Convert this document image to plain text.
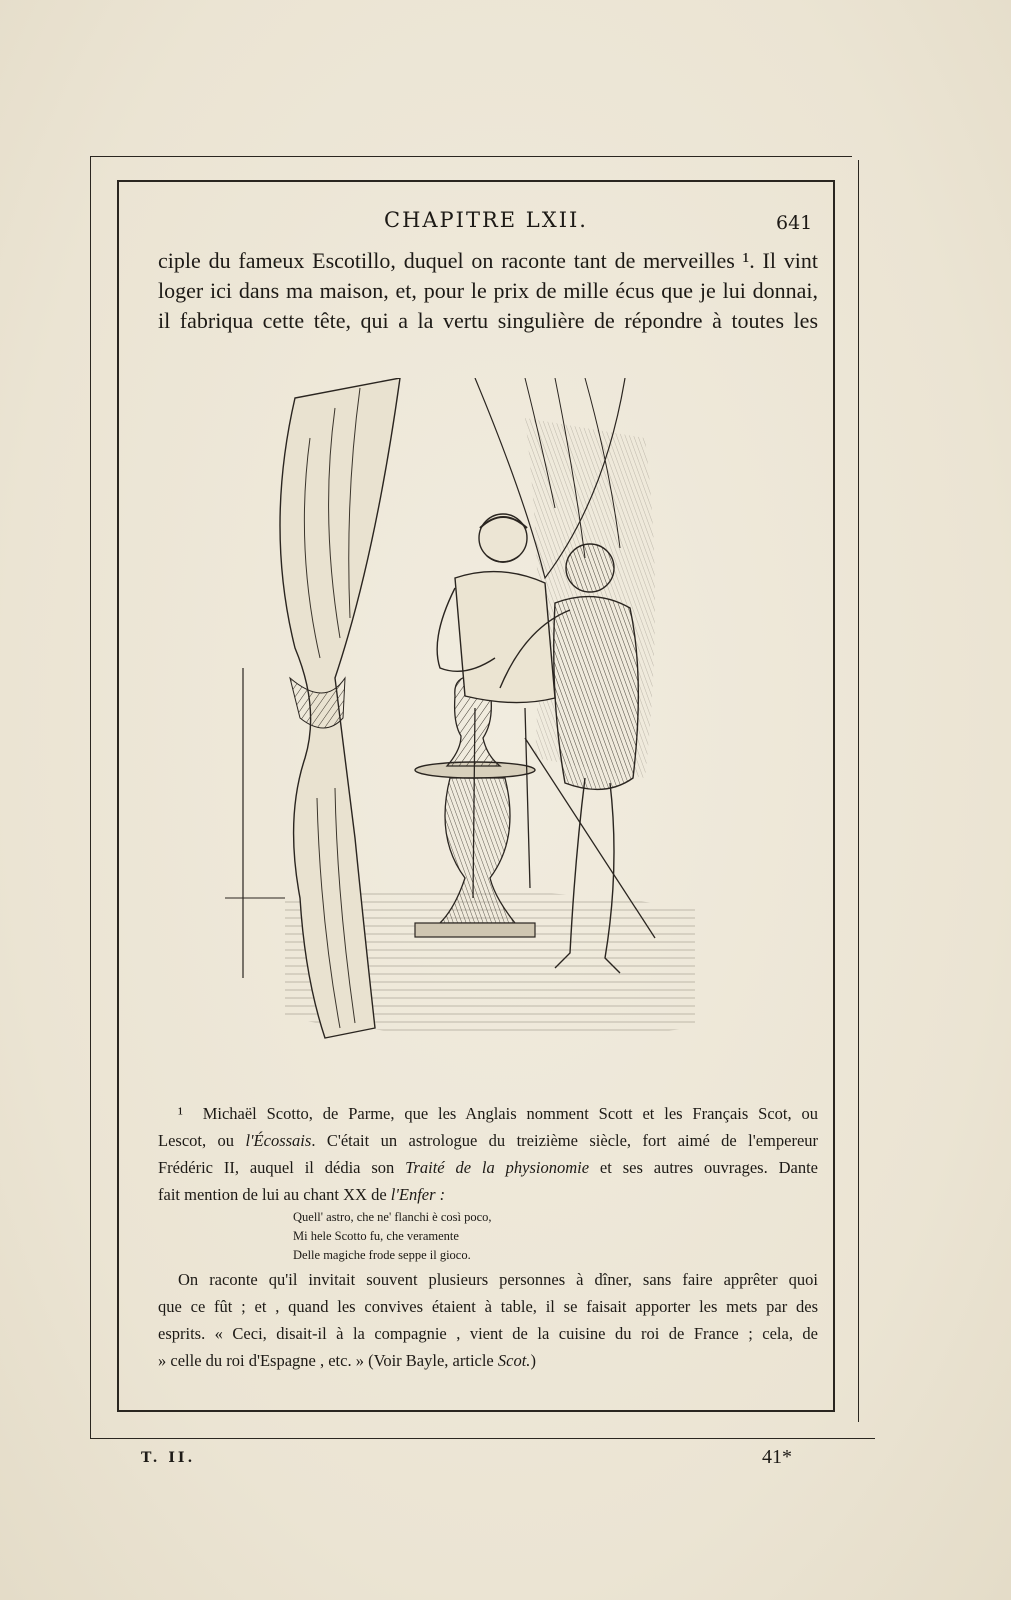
CHAPITRE LXII.	641
ciple du fameux Escotillo, duquel on raconte tant de merveilles ¹. Il vint
loger ici dans ma maison, et, pour le prix de mille écus que je lui donnai,
il fabriqua cette tête, qui a la vertu singulière de répondre à toutes les
¹ Michaël Scotto, de Parme, que les Anglais nomment Scott et les Français Scot, ou
Lescot, ou l'Écossais. C'était un astrologue du treizième siècle, fort aimé de l'empereur
Frédéric II, auquel il dédia son Traité de la physionomie et ses autres ouvrages. Dante
fait mention de lui au chant XX de l'Enfer :
Quell' astro, che ne' flanchi è così poco,
Mi hele Scotto fu, che veramente
Delle magiche frode seppe il gioco.
On raconte qu'il invitait souvent plusieurs personnes à dîner, sans faire apprêter quoi
que ce fût ; et , quand les convives étaient à table, il se faisait apporter les mets par des
esprits. « Ceci, disait-il à la compagnie , vient de la cuisine du roi de France ; cela, de
» celle du roi d'Espagne , etc. » (Voir Bayle, article Scot.)
T. II.	41*
